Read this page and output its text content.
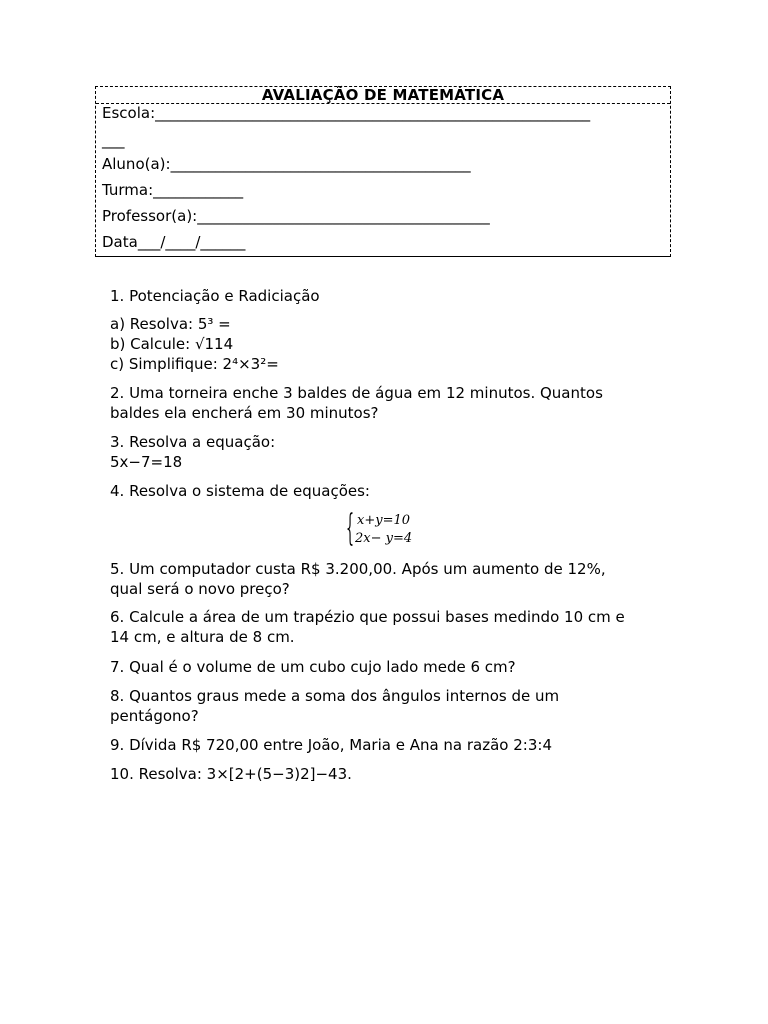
AVALIAÇÃO DE MATEMÁTICA
Escola:__________________________________________________________
___
Aluno(a):________________________________________
Turma:____________
Professor(a):_______________________________________
Data___/____/______
1. Potenciação e Radiciação
a) Resolva: 5³ =
b) Calcule: √114
c) Simplifique: 2⁴×3²=
2. Uma torneira enche 3 baldes de água em 12 minutos. Quantos
baldes ela encherá em 30 minutos?
3. Resolva a equação:
5x−7=18
4. Resolva o sistema de equações:
{ x+y=10
2x− y=4
5. Um computador custa R$ 3.200,00. Após um aumento de 12%,
qual será o novo preço?
6. Calcule a área de um trapézio que possui bases medindo 10 cm e
14 cm, e altura de 8 cm.
7. Qual é o volume de um cubo cujo lado mede 6 cm?
8. Quantos graus mede a soma dos ângulos internos de um
pentágono?
9. Dívida R$ 720,00 entre João, Maria e Ana na razão 2:3:4
10. Resolva: 3×[2+(5−3)2]−43.
